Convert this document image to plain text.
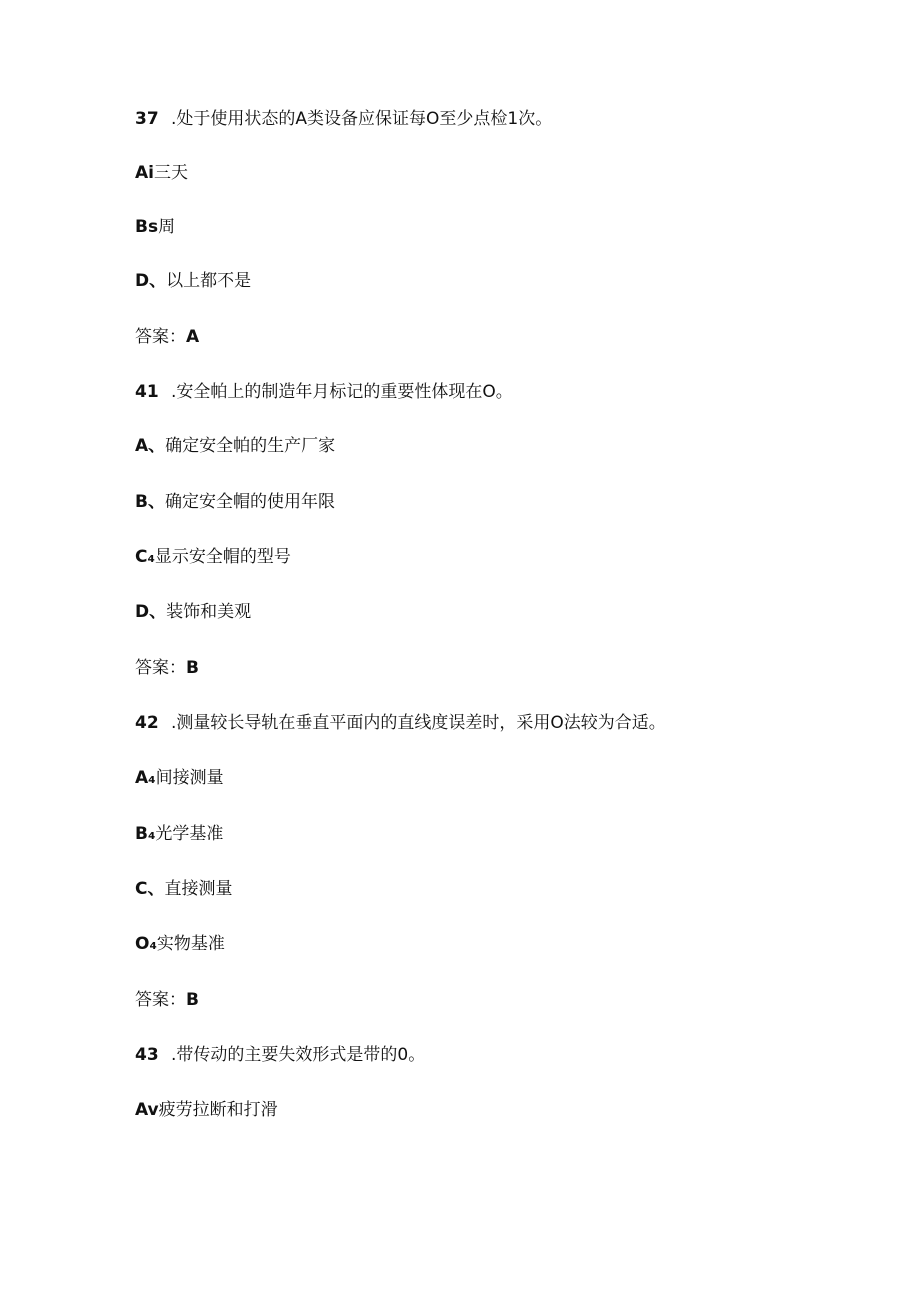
37 .处于使用状态的A类设备应保证每O至少点检1次。
Ai三天
Bs周
D、以上都不是
答案：A
41 .安全帕上的制造年月标记的重要性体现在O。
A、确定安全帕的生产厂家
B、确定安全帽的使用年限
C₄显示安全帽的型号
D、装饰和美观
答案：B
42 .测量较长导轨在垂直平面内的直线度误差时，采用O法较为合适。
A₄间接测量
B₄光学基准
C、直接测量
O₄实物基准
答案：B
43 .带传动的主要失效形式是带的0。
Av疲劳拉断和打滑
